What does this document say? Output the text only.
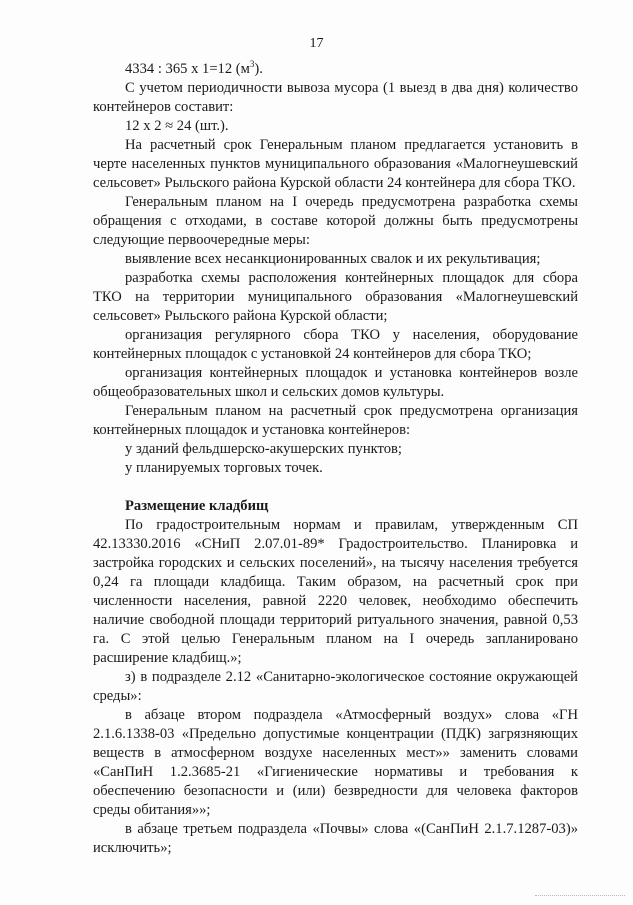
17

4334 : 365 х 1=12 $(м^3)$.

С учетом периодичности вывоза мусора (1 выезд в два дня) количество контейнеров составит:

12 х 2 ≈ 24 (шт.).

На расчетный срок Генеральным планом предлагается установить в черте населенных пунктов муниципального образования «Малогнеушевский сельсовет» Рыльского района Курской области 24 контейнера для сбора ТКО.

Генеральным планом на I очередь предусмотрена разработка схемы обращения с отходами, в составе которой должны быть предусмотрены следующие первоочередные меры:

выявление всех несанкционированных свалок и их рекультивация;

разработка схемы расположения контейнерных площадок для сбора ТКО на территории муниципального образования «Малогнеушевский сельсовет» Рыльского района Курской области;

организация регулярного сбора ТКО у населения, оборудование контейнерных площадок с установкой 24 контейнеров для сбора ТКО;

организация контейнерных площадок и установка контейнеров возле общеобразовательных школ и сельских домов культуры.

Генеральным планом на расчетный срок предусмотрена организация контейнерных площадок и установка контейнеров:

у зданий фельдшерско-акушерских пунктов;

у планируемых торговых точек.

Размещение кладбищ

По градостроительным нормам и правилам, утвержденным СП 42.13330.2016 «СНиП 2.07.01-89* Градостроительство. Планировка и застройка городских и сельских поселений», на тысячу населения требуется 0,24 га площади кладбища. Таким образом, на расчетный срок при численности населения, равной 2220 человек, необходимо обеспечить наличие свободной площади территорий ритуального значения, равной 0,53 га. С этой целью Генеральным планом на I очередь запланировано расширение кладбищ.»;

з) в подразделе 2.12 «Санитарно-экологическое состояние окружающей среды»:

в абзаце втором подраздела «Атмосферный воздух» слова «ГН 2.1.6.1338-03 «Предельно допустимые концентрации (ПДК) загрязняющих веществ в атмосферном воздухе населенных мест»» заменить словами «СанПиН 1.2.3685-21 «Гигиенические нормативы и требования к обеспечению безопасности и (или) безвредности для человека факторов среды обитания»»;

в абзаце третьем подраздела «Почвы» слова «(СанПиН 2.1.7.1287-03)» исключить»;
